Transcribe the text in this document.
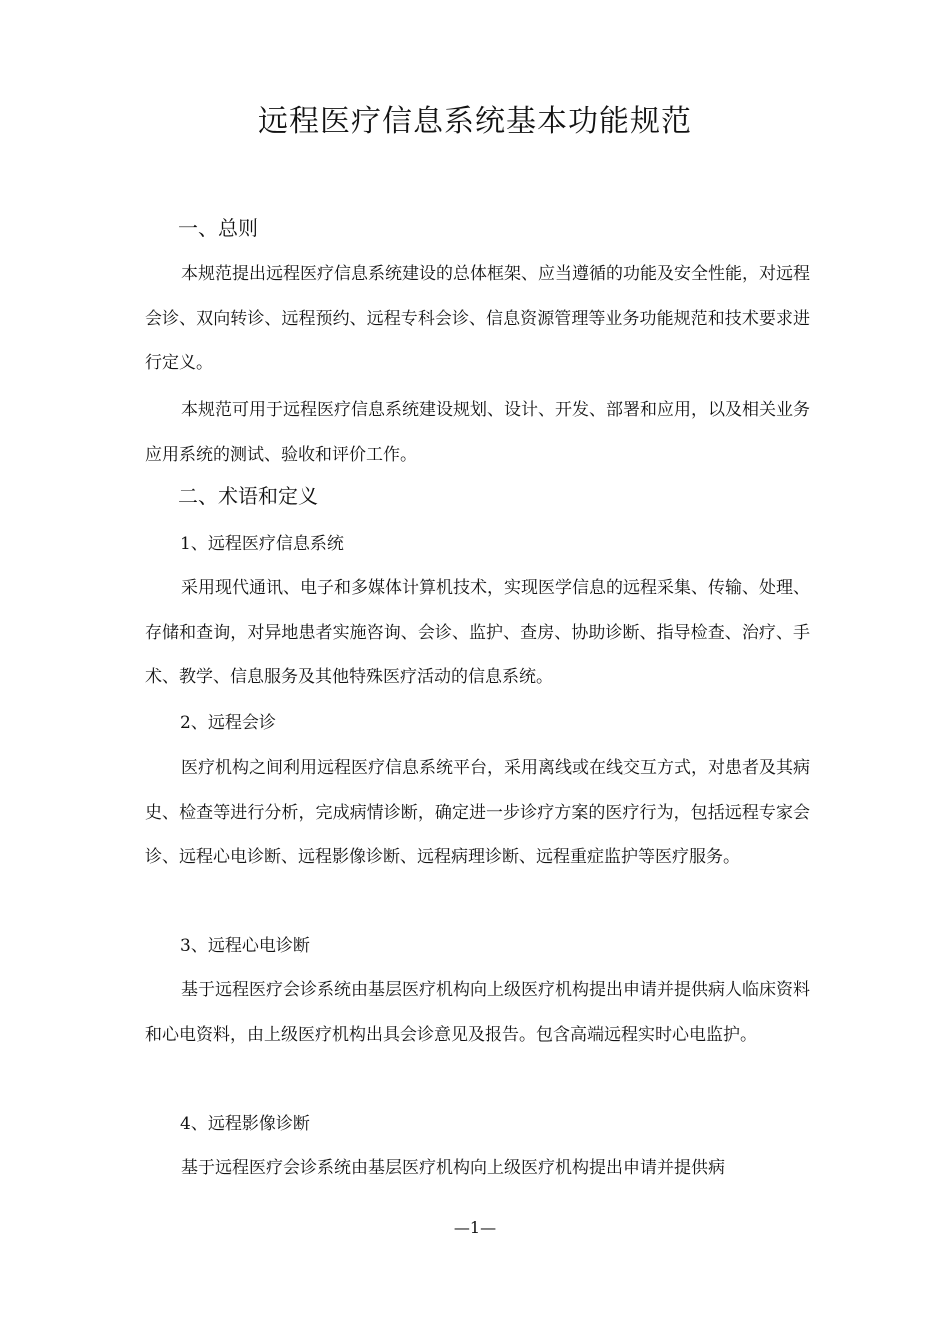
远程医疗信息系统基本功能规范
一、总则
本规范提出远程医疗信息系统建设的总体框架、应当遵循的功能及安全性能，对远程会诊、双向转诊、远程预约、远程专科会诊、信息资源管理等业务功能规范和技术要求进行定义。
本规范可用于远程医疗信息系统建设规划、设计、开发、部署和应用，以及相关业务应用系统的测试、验收和评价工作。
二、术语和定义
1、远程医疗信息系统
采用现代通讯、电子和多媒体计算机技术，实现医学信息的远程采集、传输、处理、存储和查询，对异地患者实施咨询、会诊、监护、查房、协助诊断、指导检查、治疗、手术、教学、信息服务及其他特殊医疗活动的信息系统。
2、远程会诊
医疗机构之间利用远程医疗信息系统平台，采用离线或在线交互方式，对患者及其病史、检查等进行分析，完成病情诊断，确定进一步诊疗方案的医疗行为，包括远程专家会诊、远程心电诊断、远程影像诊断、远程病理诊断、远程重症监护等医疗服务。
3、远程心电诊断
基于远程医疗会诊系统由基层医疗机构向上级医疗机构提出申请并提供病人临床资料和心电资料，由上级医疗机构出具会诊意见及报告。包含高端远程实时心电监护。
4、远程影像诊断
基于远程医疗会诊系统由基层医疗机构向上级医疗机构提出申请并提供病
—1—
